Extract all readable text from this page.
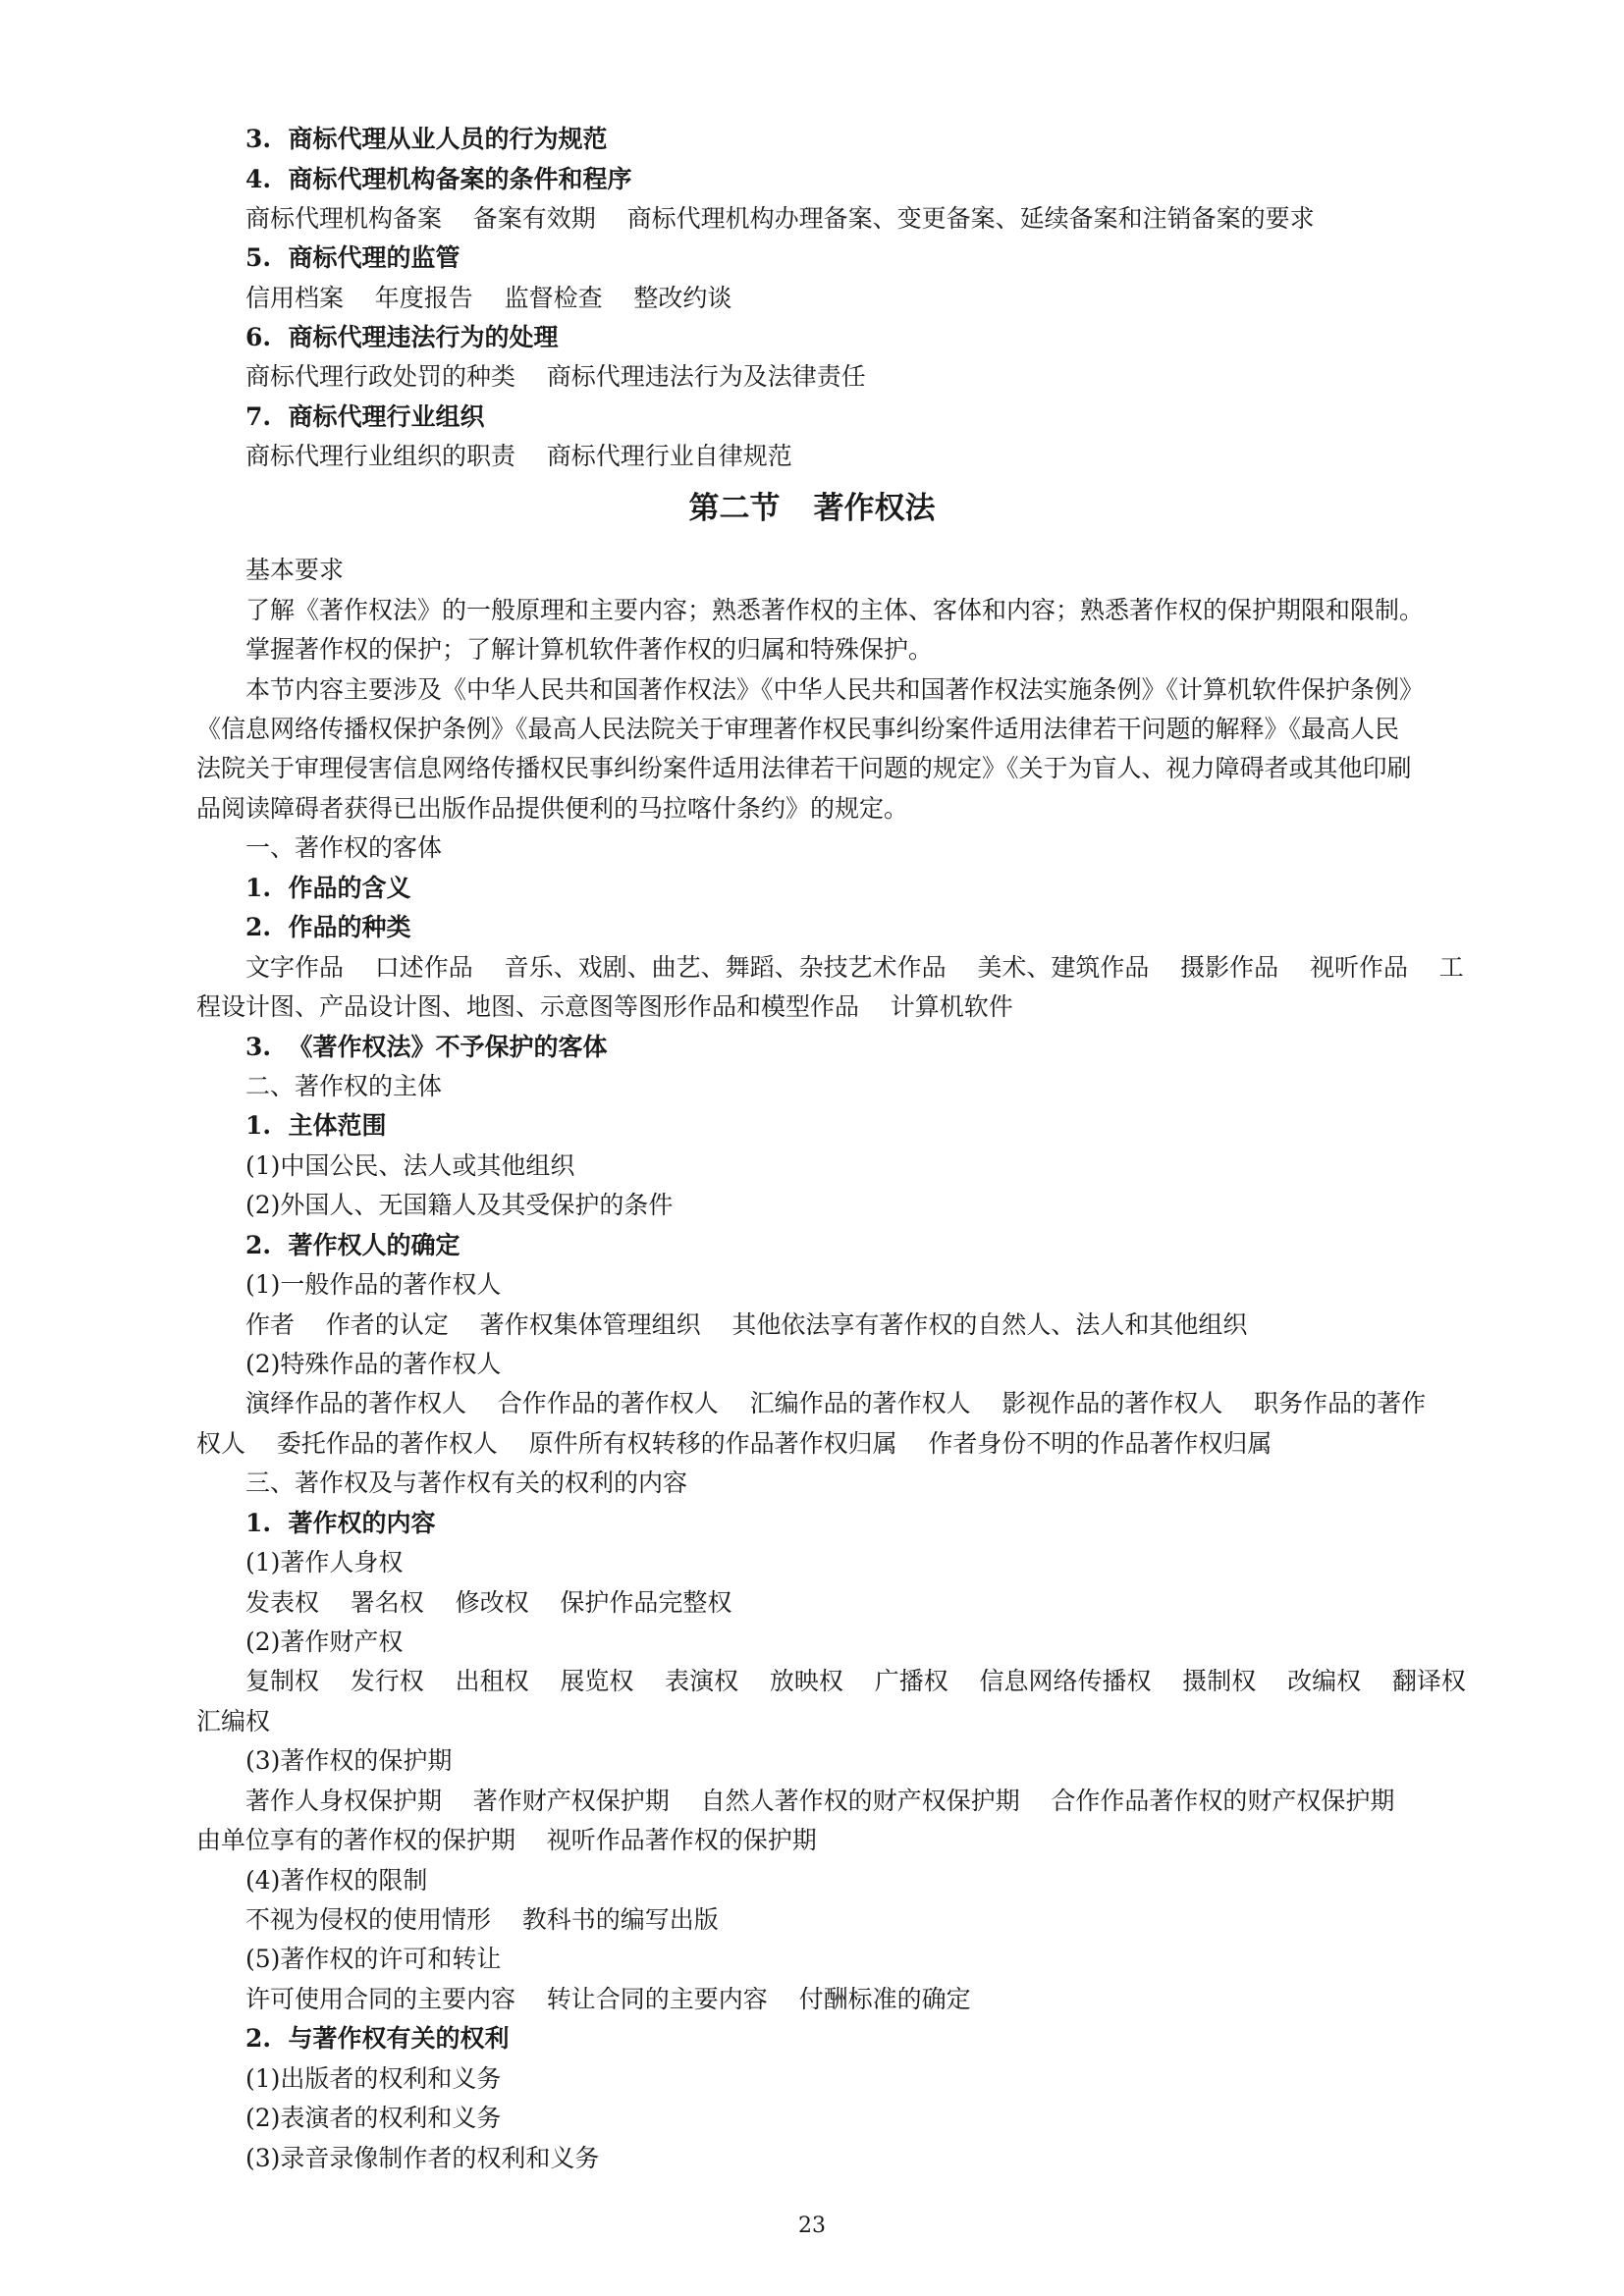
3.  商标代理从业人员的行为规范
4.  商标代理机构备案的条件和程序
商标代理机构备案    备案有效期    商标代理机构办理备案、变更备案、延续备案和注销备案的要求
5.  商标代理的监管
信用档案    年度报告    监督检查    整改约谈
6.  商标代理违法行为的处理
商标代理行政处罚的种类    商标代理违法行为及法律责任
7.  商标代理行业组织
商标代理行业组织的职责    商标代理行业自律规范
第二节 著作权法
基本要求
了解《著作权法》的一般原理和主要内容；熟悉著作权的主体、客体和内容；熟悉著作权的保护期限和限制。
掌握著作权的保护；了解计算机软件著作权的归属和特殊保护。
本节内容主要涉及《中华人民共和国著作权法》《中华人民共和国著作权法实施条例》《计算机软件保护条例》
《信息网络传播权保护条例》《最高人民法院关于审理著作权民事纠纷案件适用法律若干问题的解释》《最高人民
法院关于审理侵害信息网络传播权民事纠纷案件适用法律若干问题的规定》《关于为盲人、视力障碍者或其他印刷
品阅读障碍者获得已出版作品提供便利的马拉喀什条约》的规定。
一、著作权的客体
1.  作品的含义
2.  作品的种类
文字作品    口述作品    音乐、戏剧、曲艺、舞蹈、杂技艺术作品    美术、建筑作品    摄影作品    视听作品    工
程设计图、产品设计图、地图、示意图等图形作品和模型作品    计算机软件
3.  《著作权法》不予保护的客体
二、著作权的主体
1.  主体范围
(1)中国公民、法人或其他组织
(2)外国人、无国籍人及其受保护的条件
2.  著作权人的确定
(1)一般作品的著作权人
作者    作者的认定    著作权集体管理组织    其他依法享有著作权的自然人、法人和其他组织
(2)特殊作品的著作权人
演绎作品的著作权人    合作作品的著作权人    汇编作品的著作权人    影视作品的著作权人    职务作品的著作
权人    委托作品的著作权人    原件所有权转移的作品著作权归属    作者身份不明的作品著作权归属
三、著作权及与著作权有关的权利的内容
1.  著作权的内容
(1)著作人身权
发表权    署名权    修改权    保护作品完整权
(2)著作财产权
复制权    发行权    出租权    展览权    表演权    放映权    广播权    信息网络传播权    摄制权    改编权    翻译权
汇编权
(3)著作权的保护期
著作人身权保护期    著作财产权保护期    自然人著作权的财产权保护期    合作作品著作权的财产权保护期
由单位享有的著作权的保护期    视听作品著作权的保护期
(4)著作权的限制
不视为侵权的使用情形    教科书的编写出版
(5)著作权的许可和转让
许可使用合同的主要内容    转让合同的主要内容    付酬标准的确定
2.  与著作权有关的权利
(1)出版者的权利和义务
(2)表演者的权利和义务
(3)录音录像制作者的权利和义务
23
